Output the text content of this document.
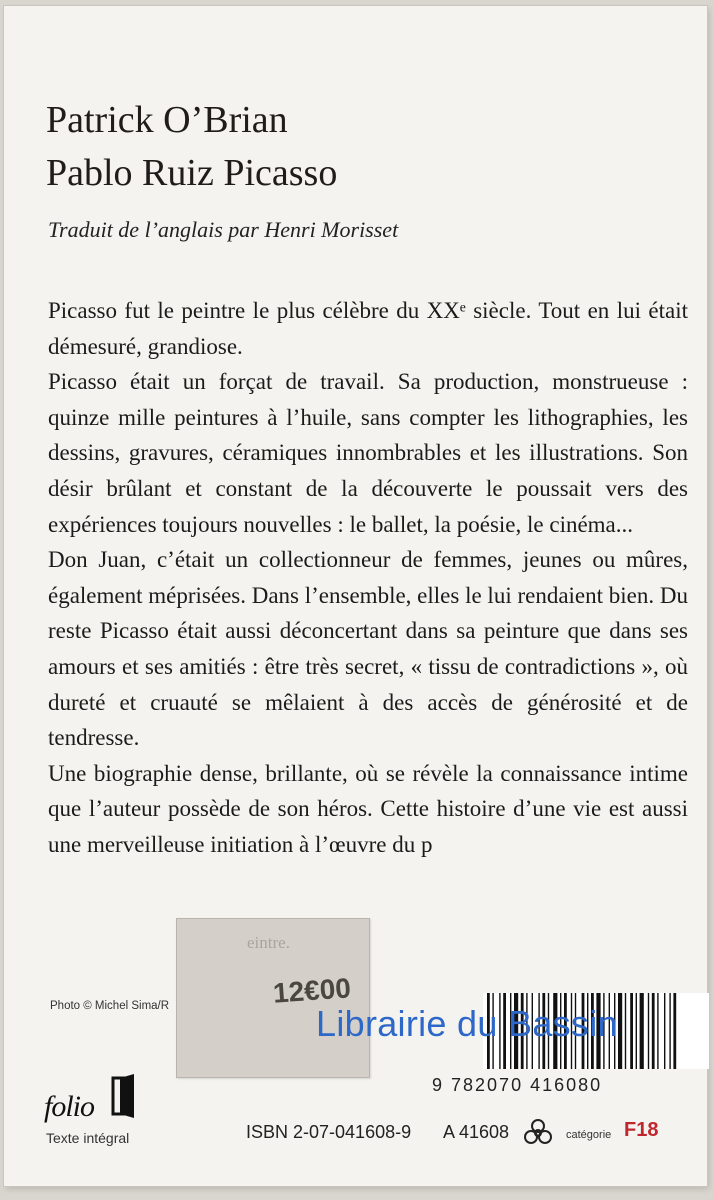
Patrick O’Brian
Pablo Ruiz Picasso
Traduit de l’anglais par Henri Morisset

Picasso fut le peintre le plus célèbre du XXᵉ siècle. Tout en lui était démesuré, grandiose.

Picasso était un forçat de travail. Sa production, monstrueuse : quinze mille peintures à l’huile, sans compter les lithographies, les dessins, gravures, céramiques innombrables et les illustrations. Son désir brûlant et constant de la découverte le poussait vers des expériences toujours nouvelles : le ballet, la poésie, le cinéma...

Don Juan, c’était un collectionneur de femmes, jeunes ou mûres, également méprisées. Dans l’ensemble, elles le lui rendaient bien. Du reste Picasso était aussi déconcertant dans sa peinture que dans ses amours et ses amitiés : être très secret, « tissu de contradictions », où dureté et cruauté se mêlaient à des accès de générosité et de tendresse.

Une biographie dense, brillante, où se révèle la connaissance intime que l’auteur possède de son héros. Cette histoire d’une vie est aussi une merveilleuse initiation à l’œuvre du p

Photo © Michel Sima/R
eintre.
12€00
9 782070 416080
Librairie du Bassin
folio
Texte intégral	ISBN 2-07-041608-9 A 41608	catégorie F18
